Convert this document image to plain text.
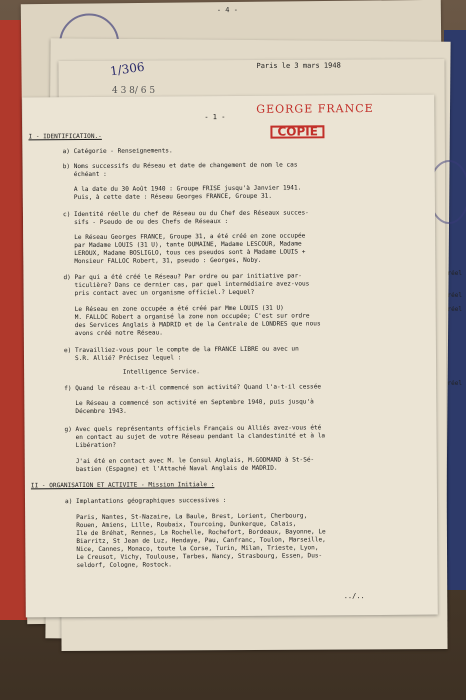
- 4 -
Paris le 3 mars 1948
1/306
4 3 8/ 6 5
réel
réel
réel
réel
- 1 -
GEORGE FRANCE
COPIE
I - IDENTIFICATION.-
a) Catégorie - Renseignements.
b) Noms successifs du Réseau et date de changement de nom le cas
échéant :
A la date du 30 Août 1940 : Groupe FRISE jusqu'à Janvier 1941.
Puis, à cette date : Réseau Georges FRANCE, Groupe 31.
c) Identité réelle du chef de Réseau ou du Chef des Réseaux succes-
sifs - Pseudo de ou des Chefs de Réseaux :
Le Réseau Georges FRANCE, Groupe 31, a été créé en zone occupée
par Madame LOUIS (31 U), tante DUMAINE, Madame LESCOUR, Madame
LEROUX, Madame BOSLIGLO, tous ces pseudos sont à Madame LOUIS +
Monsieur FALLOC Robert, 31, pseudo : Georges, Noby.
d) Par qui a été créé le Réseau? Par ordre ou par initiative par-
ticulière? Dans ce dernier cas, par quel intermédiaire avez-vous
pris contact avec un organisme officiel.? Lequel?
Le Réseau en zone occupée a été créé par Mme LOUIS (31 U)
M. FALLOC Robert a organisé la zone non occupée; C'est sur ordre
des Services Anglais à MADRID et de la Centrale de LONDRES que nous
avons créé notre Réseau.
e) Travailliez-vous pour le compte de la FRANCE LIBRE ou avec un
S.R. Allié? Précisez lequel :
Intelligence Service.
f) Quand le réseau a-t-il commencé son activité? Quand l'a-t-il cessée
Le Réseau a commencé son activité en Septembre 1940, puis jusqu'à
Décembre 1943.
g) Avec quels représentants officiels Français ou Alliés avez-vous été
en contact au sujet de votre Réseau pendant la clandestinité et à la
Libération?
J'ai été en contact avec M. le Consul Anglais, M.GODMAND à St-Sé-
bastien (Espagne) et l'Attaché Naval Anglais de MADRID.
II - ORGANISATION ET ACTIVITE - Mission Initiale :
a) Implantations géographiques successives :
Paris, Nantes, St-Nazaire, La Baule, Brest, Lorient, Cherbourg,
Rouen, Amiens, Lille, Roubaix, Tourcoing, Dunkerque, Calais,
Ile de Bréhat, Rennes, La Rochelle, Rochefort, Bordeaux, Bayonne, Le
Biarritz, St Jean de Luz, Hendaye, Pau, Canfranc, Toulon, Marseille,
Nice, Cannes, Monaco, toute la Corse, Turin, Milan, Trieste, Lyon,
Le Creusot, Vichy, Toulouse, Tarbes, Nancy, Strasbourg, Essen, Dus-
seldorf, Cologne, Rostock.
../..
